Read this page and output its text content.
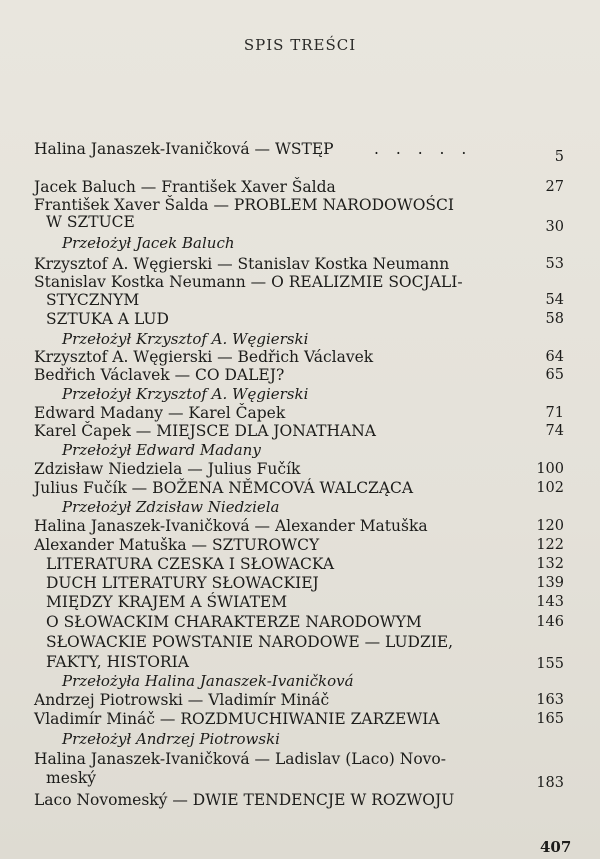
SPIS TREŚCI
Halina Janaszek-Ivaničková — WSTĘP	. . . . .	5
Jacek Baluch — František Xaver Šalda	27
František Xaver Šalda — PROBLEM NARODOWOŚCI
W SZTUCE	30
Przełożył Jacek Baluch
Krzysztof A. Węgierski — Stanislav Kostka Neumann	53
Stanislav Kostka Neumann — O REALIZMIE SOCJALI-
STYCZNYM	54
SZTUKA A LUD	58
Przełożył Krzysztof A. Węgierski
Krzysztof A. Węgierski — Bedřich Václavek	64
Bedřich Václavek — CO DALEJ?	65
Przełożył Krzysztof A. Węgierski
Edward Madany — Karel Čapek	71
Karel Čapek — MIEJSCE DLA JONATHANA	74
Przełożył Edward Madany
Zdzisław Niedziela — Julius Fučík	100
Julius Fučík — BOŽENA NĚMCOVÁ WALCZĄCA	102
Przełożył Zdzisław Niedziela
Halina Janaszek-Ivaničková — Alexander Matuška	120
Alexander Matuška — SZTUROWCY	122
LITERATURA CZESKA I SŁOWACKA	132
DUCH LITERATURY SŁOWACKIEJ	139
MIĘDZY KRAJEM A ŚWIATEM	143
O SŁOWACKIM CHARAKTERZE NARODOWYM	146
SŁOWACKIE POWSTANIE NARODOWE — LUDZIE,
FAKTY, HISTORIA	155
Przełożyła Halina Janaszek-Ivaničková
Andrzej Piotrowski — Vladimír Mináč	163
Vladimír Mináč — ROZDMUCHIWANIE ZARZEWIA	165
Przełożył Andrzej Piotrowski
Halina Janaszek-Ivaničková — Ladislav (Laco) Novo-
meský	183
Laco Novomeský — DWIE TENDENCJE W ROZWOJU
407
